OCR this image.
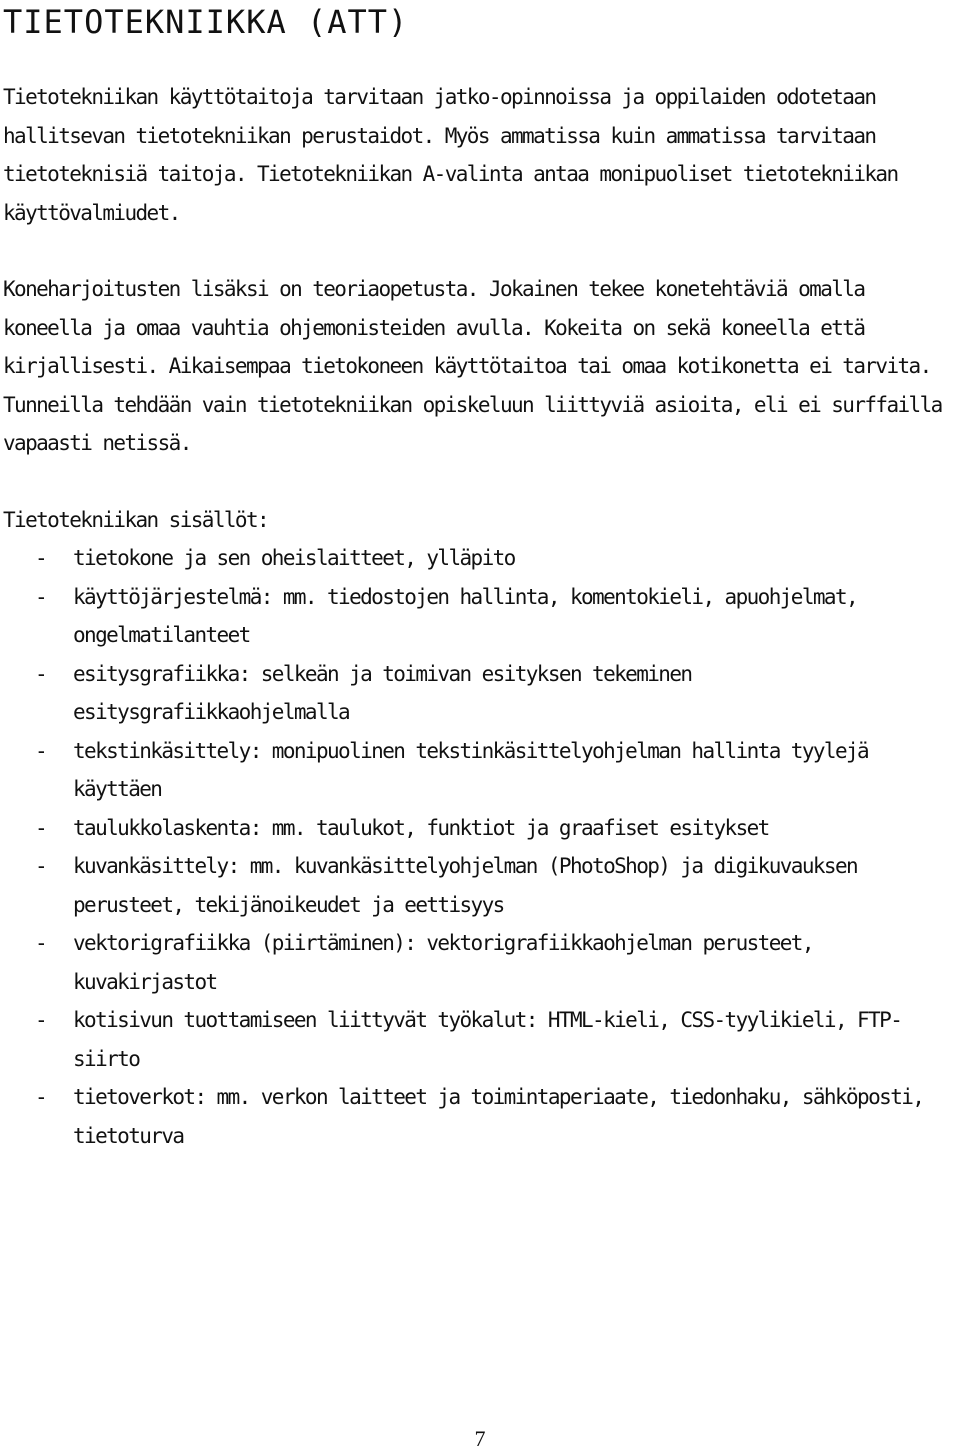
TIETOTEKNIIKKA (ATT)

Tietotekniikan käyttötaitoja tarvitaan jatko-opinnoissa ja oppilaiden odotetaan hallitsevan tietotekniikan perustaidot. Myös ammatissa kuin ammatissa tarvitaan tietoteknisiä taitoja. Tietotekniikan A-valinta antaa monipuoliset tietotekniikan käyttövalmiudet.

Koneharjoitusten lisäksi on teoriaopetusta. Jokainen tekee konetehtäviä omalla koneella ja omaa vauhtia ohjemonisteiden avulla. Kokeita on sekä koneella että kirjallisesti. Aikaisempaa tietokoneen käyttötaitoa tai omaa kotikonetta ei tarvita. Tunneilla tehdään vain tietotekniikan opiskeluun liittyviä asioita, eli ei surffailla vapaasti netissä.

Tietotekniikan sisällöt:
- tietokone ja sen oheislaitteet, ylläpito
- käyttöjärjestelmä: mm. tiedostojen hallinta, komentokieli, apuohjelmat, ongelmatilanteet
- esitysgrafiikka: selkeän ja toimivan esityksen tekeminen esitysgrafiikkaohjelmalla
- tekstinkäsittely: monipuolinen tekstinkäsittelyohjelman hallinta tyylejä käyttäen
- taulukkolaskenta: mm. taulukot, funktiot ja graafiset esitykset
- kuvankäsittely: mm. kuvankäsittelyohjelman (PhotoShop) ja digikuvauksen perusteet, tekijänoikeudet ja eettisyys
- vektorigrafiikka (piirtäminen): vektorigrafiikkaohjelman perusteet, kuvakirjastot
- kotisivun tuottamiseen liittyvät työkalut: HTML-kieli, CSS-tyylikieli, FTP-siirto
- tietoverkot: mm. verkon laitteet ja toimintaperiaate, tiedonhaku, sähköposti, tietoturva
7
